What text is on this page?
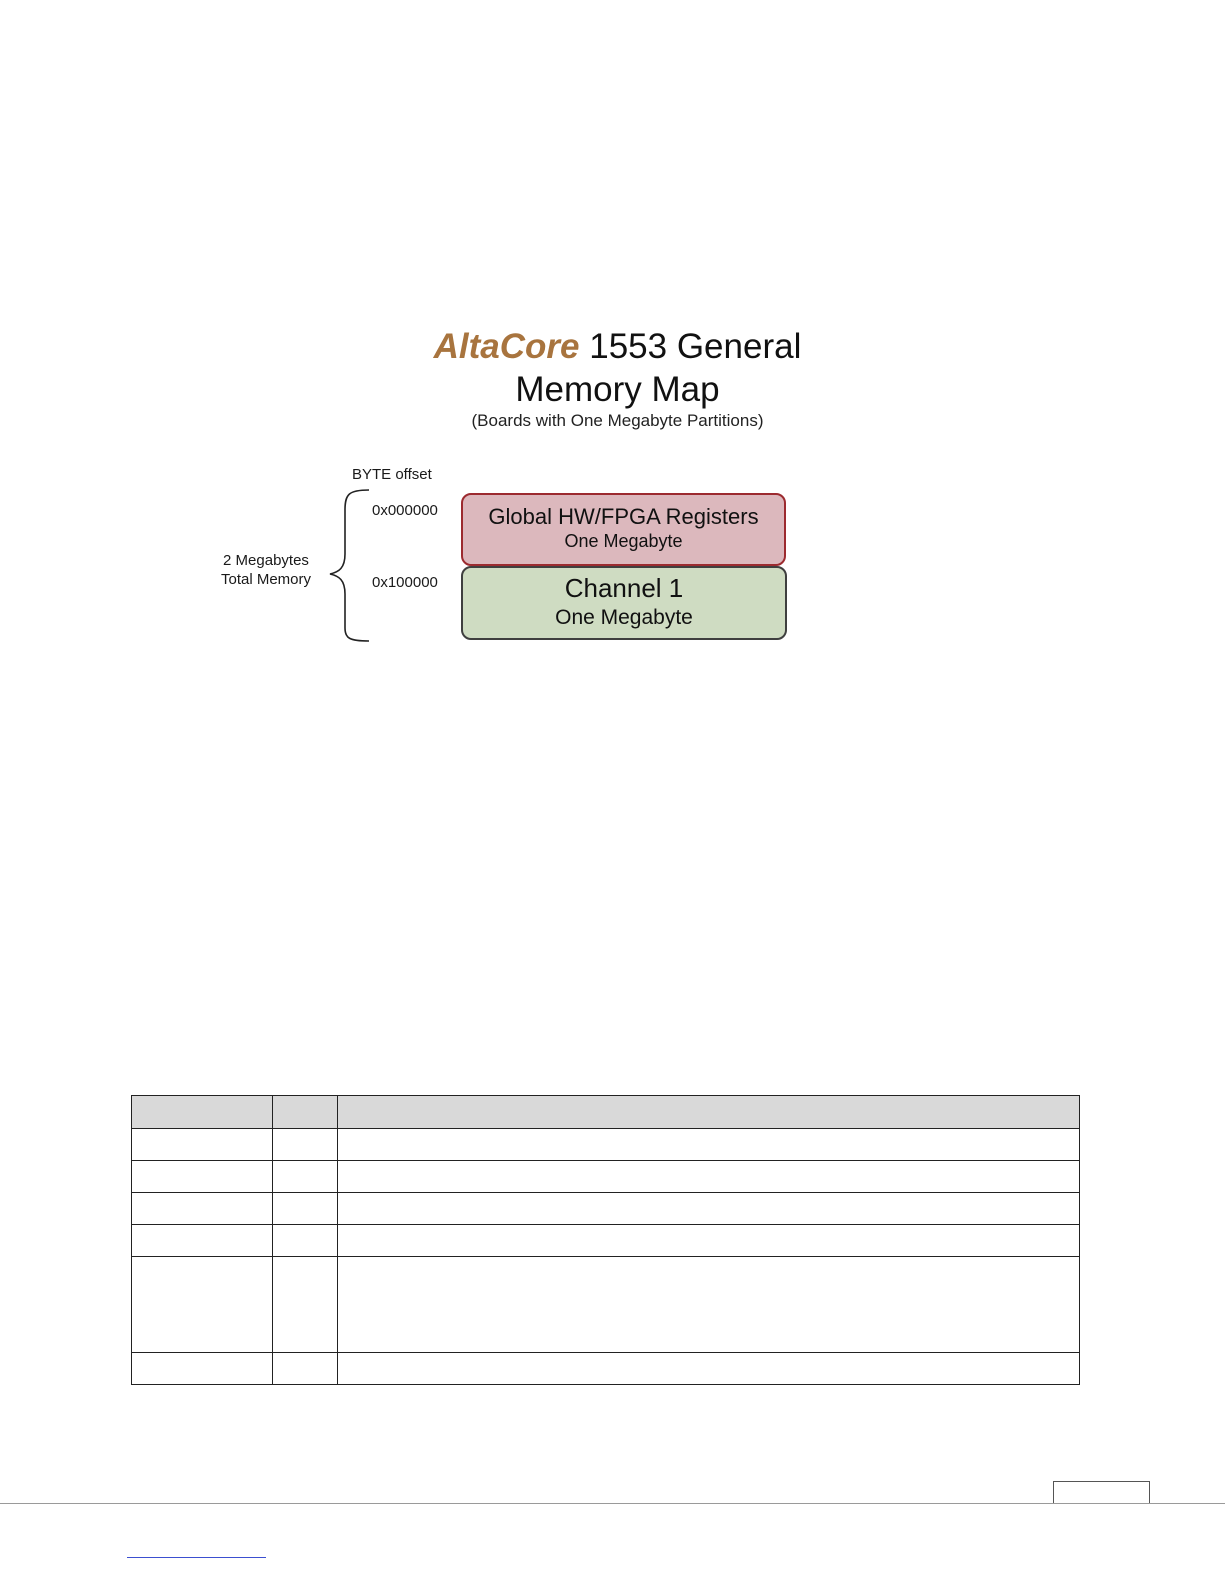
AltaCore 1553 General
Memory Map
(Boards with One Megabyte Partitions)
BYTE offset
0x000000
0x100000
2 Megabytes
Total Memory
Global HW/FPGA Registers
One Megabyte
Channel 1
One Megabyte
